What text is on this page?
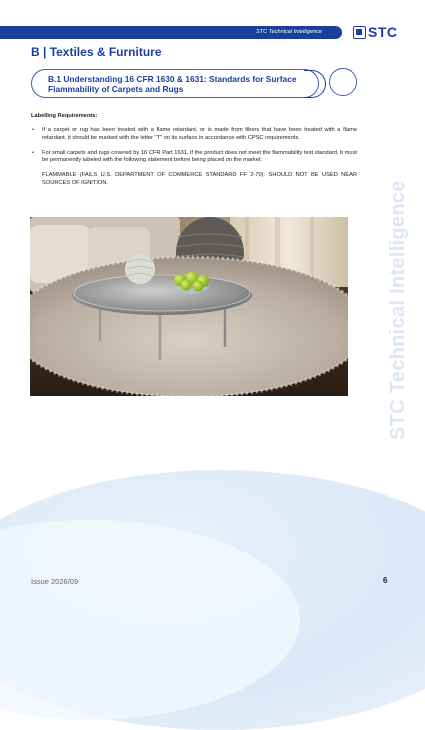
STC Technical Intelligence	STC
B | Textiles & Furniture
B.1 Understanding 16 CFR 1630 & 1631: Standards for Surface Flammability of Carpets and Rugs
Labelling Requirements:
• If a carpet or rug has been treated with a flame retardant, or is made from fibers that have been treated with a flame retardant, it should be marked with the letter "T" on its surface in accordance with CPSC requirements.
• For small carpets and rugs covered by 16 CFR Part 1631, if the product does not meet the flammability test standard, it must be permanently labeled with the following statement before being placed on the market:
FLAMMABLE (FAILS U.S. DEPARTMENT OF COMMERCE STANDARD FF 2-70): SHOULD NOT BE USED NEAR SOURCES OF IGNITION.	STC Technical Intelligence
Issue 2026/09	6
